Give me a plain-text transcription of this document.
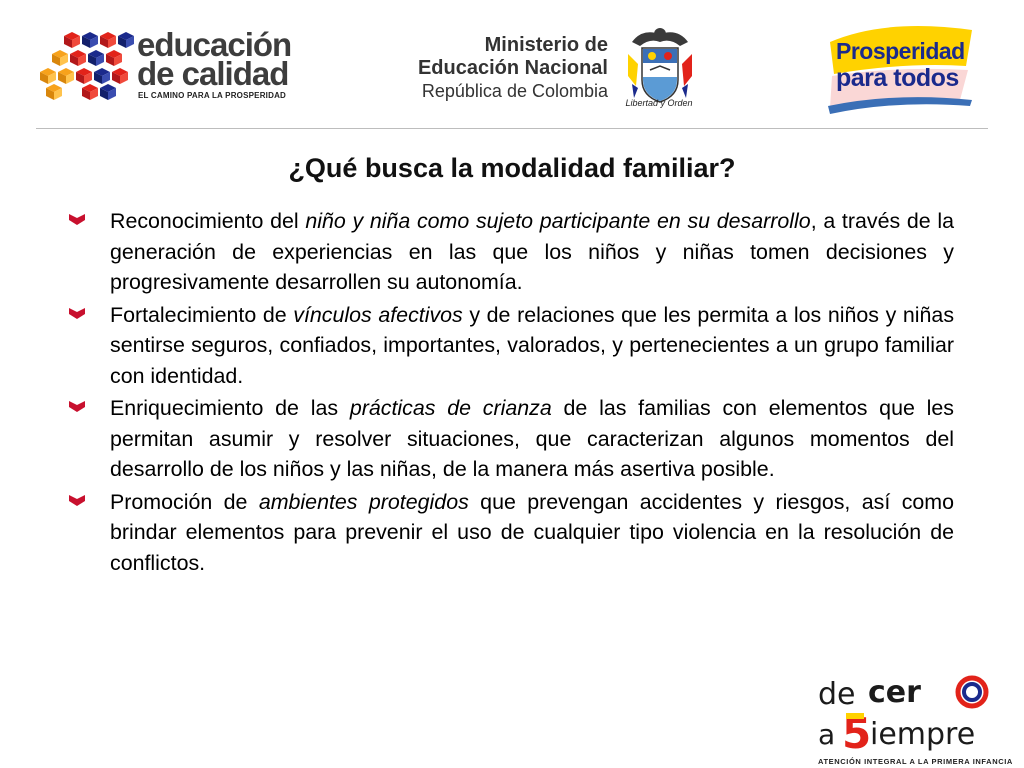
educación
de calidad
EL CAMINO PARA LA PROSPERIDAD
Ministerio de
Educación Nacional
República de Colombia
Libertad y Orden
Prosperidad
para todos
¿Qué busca la modalidad familiar?
Reconocimiento del niño y niña como sujeto participante en su desarrollo, a través de la generación de experiencias en las que los niños y niñas tomen decisiones y progresivamente desarrollen su autonomía.
Fortalecimiento de vínculos afectivos y de relaciones que les permita a los niños y niñas sentirse seguros, confiados, importantes, valorados, y pertenecientes a un grupo familiar con identidad.
Enriquecimiento de las prácticas de crianza de las familias con elementos que les permitan asumir y resolver situaciones, que caracterizan algunos momentos del desarrollo de los niños y las niñas, de la manera más asertiva posible.
Promoción de ambientes protegidos que prevengan accidentes y riesgos, así como brindar elementos para prevenir el uso de cualquier tipo violencia en la resolución de conflictos.
de cer
a 5
iempre
ATENCIÓN INTEGRAL A LA PRIMERA INFANCIA
